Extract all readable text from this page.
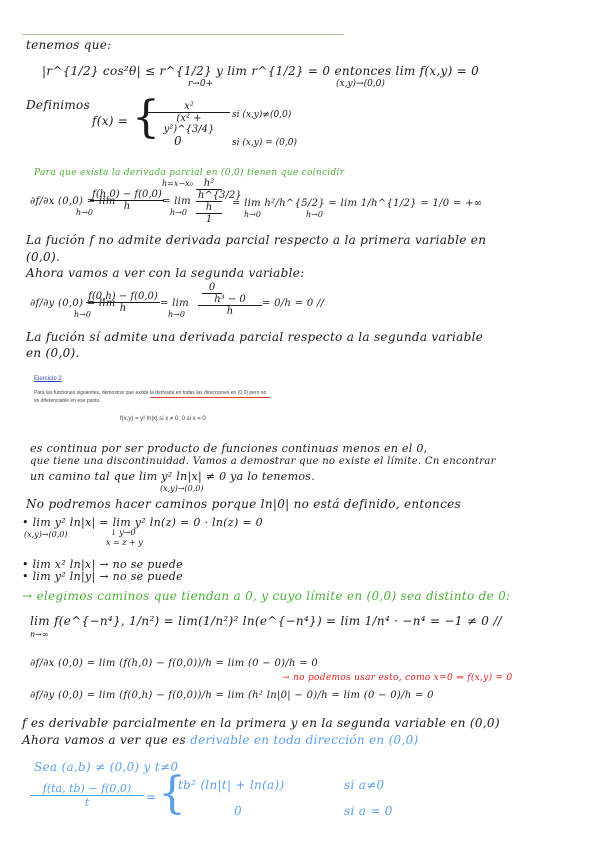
tenemos que:
|r^{1/2} cos²θ| ≤ r^{1/2} y lim r^{1/2} = 0 entonces lim f(x,y) = 0
r→0+	(x,y)→(0,0)
Definimos
f(x) = {
$\frac{\text{x²}}{\text{(x² + y²)\textasciicircum{}\{3/4\}}}$ si (x,y)≠(0,0)
0	si (x,y) = (0,0)
Para que exista la derivada parcial en (0,0) tienen que coincidir
h=x−x₀
∂f/∂x (0,0) = lim
h→0
$\frac{f(h,0) - f(0,0)}{h}$
= lim
h→0
h²
h^{3/2}
h
1
= lim h²/h^{5/2} = lim 1/h^{1/2} = 1/0 = +∞
h→0	h→0
La fución f no admite derivada parcial respecto a la primera variable en
(0,0).
Ahora vamos a ver con la segunda variable:
∂f/∂y (0,0) = lim
h→0
$\frac{f(0,h) - f(0,0)}{h} = \lim$
h→0
0
h³ − 0
h
= 0/h = 0 //
La fución sí admite una derivada parcial respecto a la segunda variable
en (0,0).
Ejercicio 2
Para las funciones siguientes, demostrar que existe la derivada en todas las direcciones en (0,0) pero no
es diferenciable en ese punto.
f(x,y) = y² ln|x| si x ≠ 0; 0 si x = 0
es continua por ser producto de funciones continuas menos en el 0,
que tiene una discontinuidad. Vamos a demostrar que no existe el límite. Cn encontrar
un camino tal que lim y² ln|x| ≠ 0 ya lo tenemos.
(x,y)→(0,0)
No podremos hacer caminos porque ln|0| no está definido, entonces
• lim y² ln|x| = lim y² ln(z) = 0 · ln(z) = 0
(x,y)→(0,0)	↓ y→0
x = z + y
• lim x² ln|x| → no se puede
• lim y² ln|y| → no se puede
→ elegimos caminos que tiendan a 0, y cuyo límite en (0,0) sea distinto de 0:
lim f(e^{−n⁴}, 1/n²) = lim(1/n²)² ln(e^{−n⁴}) = lim 1/n⁴ · −n⁴ = −1 ≠ 0 //
n→∞
∂f/∂x (0,0) = lim (f(h,0) − f(0,0))/h = lim (0 − 0)/h = 0
→ no podemos usar esto, como x=0 ⇒ f(x,y) = 0
∂f/∂y (0,0) = lim (f(0,h) − f(0,0))/h = lim (h² ln|0| − 0)/h = lim (0 − 0)/h = 0
f es derivable parcialmente en la primera y en la segunda variable en (0,0)
Ahora vamos a ver que es derivable en toda dirección en (0,0)
Sea (a,b) ≠ (0,0) y t≠0
$\frac{f(ta, tb) - f(0,0)}{t}$ = {
tb² (ln|t| + ln(a))	si a≠0
0	si a = 0
